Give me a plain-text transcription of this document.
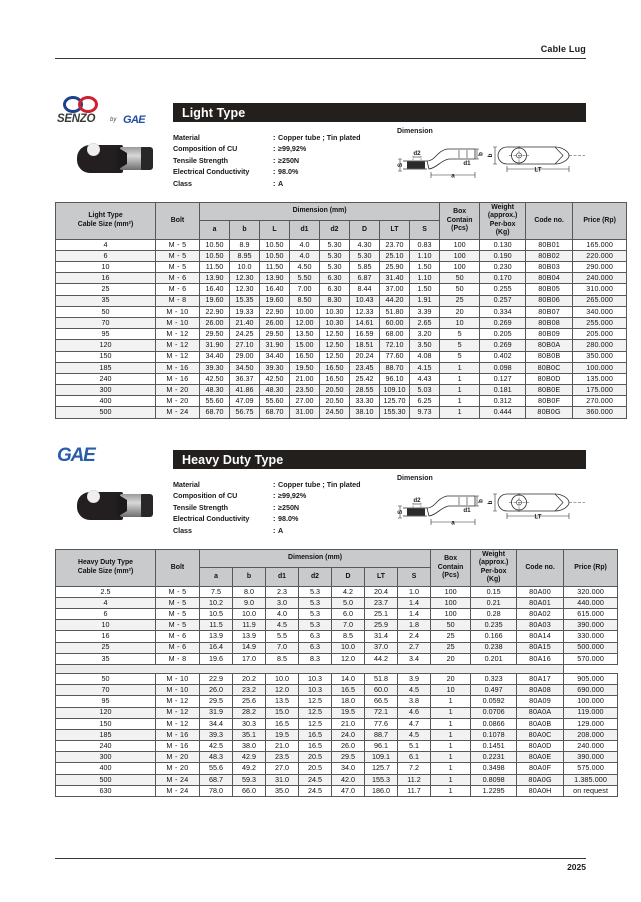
Cable Lug
SENZO by GAE
Light Type
Material	: Copper tube ; Tin plated
Composition of CU	: ≥99,92%
Tensile Strength	: ≥250N
Electrical Conductivity	: 98.0%
Class	: A
Dimension
d2
d1
a
LT
S
b
b
Light Type
Cable Size (mm²)
	Bolt	Dimension (mm)	Box
Contain
(Pcs)

Weight
(approx.)
Per-box
(Kg)
	Code no.	Price (Rp)
		a	b	L	d1	d2	D	LT	S				
4	M - 5	10.50	8.9	10.50	4.0	5.30	4.30	23.70	0.83	100	0.130	80B01	165.000
6	M - 5	10.50	8.95	10.50	4.0	5.30	5.30	25.10	1.10	100	0.190	80B02	220.000
10	M - 5	11.50	10.0	11.50	4.50	5.30	5.85	25.90	1.50	100	0.230	80B03	290.000
16	M - 6	13.90	12.30	13.90	5.50	6.30	6.87	31.40	1.10	50	0.170	80B04	240.000
25	M - 6	16.40	12.30	16.40	7.00	6.30	8.44	37.00	1.50	50	0.255	80B05	310.000
35	M - 8	19.60	15.35	19.60	8.50	8.30	10.43	44.20	1.91	25	0.257	80B06	265.000
50	M - 10	22.90	19.33	22.90	10.00	10.30	12.33	51.80	3.39	20	0.334	80B07	340.000
70	M - 10	26.00	21.40	26.00	12.00	10.30	14.61	60.00	2.65	10	0.269	80B08	255.000
95	M - 12	29.50	24.25	29.50	13.50	12.50	16.59	68.00	3.20	5	0.205	80B09	205.000
120	M - 12	31.90	27.10	31.90	15.00	12.50	18.51	72.10	3.50	5	0.269	80B0A	280.000
150	M - 12	34.40	29.00	34.40	16.50	12.50	20.24	77.60	4.08	5	0.402	80B0B	350.000
185	M - 16	39.30	34.50	39.30	19.50	16.50	23.45	88.70	4.15	1	0.098	80B0C	100.000
240	M - 16	42.50	36.37	42.50	21.00	16.50	25.42	96.10	4.43	1	0.127	80B0D	135.000
300	M - 20	48.30	41.86	48.30	23.50	20.50	28.55	109.10	5.03	1	0.181	80B0E	175.000
400	M - 20	55.60	47.09	55.60	27.00	20.50	33.30	125.70	6.25	1	0.312	80B0F	270.000
500	M - 24	68.70	56.75	68.70	31.00	24.50	38.10	155.30	9.73	1	0.444	80B0G	360.000
GAE	Heavy Duty Type
Material	: Copper tube ; Tin plated
Composition of CU	: ≥99,92%
Tensile Strength	: ≥250N
Electrical Conductivity	: 98.0%
Class	: A
Dimension
d2
d1
a
LT
S
b
b
Heavy Duty Type
Cable Size (mm²)
	Bolt	Dimension (mm)	Box
Contain
(Pcs)

Weight
(approx.)
Per-box
(Kg)
	Code no.	Price (Rp)
		a	b	d1	d2	D	LT	S				
2.5	M - 5	7.5	8.0	2.3	5.3	4.2	20.4	1.0	100	0.15	80A00	320.000
4	M - 5	10.2	9.0	3.0	5.3	5.0	23.7	1.4	100	0.21	80A01	440.000
6	M - 5	10.5	10.0	4.0	5.3	6.0	25.1	1.4	100	0.28	80A02	615.000
10	M - 5	11.5	11.9	4.5	5.3	7.0	25.9	1.8	50	0.235	80A03	390.000
16	M - 6	13.9	13.9	5.5	6.3	8.5	31.4	2.4	25	0.166	80A14	330.000
25	M - 6	16.4	14.9	7.0	6.3	10.0	37.0	2.7	25	0.238	80A15	500.000
35	M - 8	19.6	17.0	8.5	8.3	12.0	44.2	3.4	20	0.201	80A16	570.000

50	M - 10	22.9	20.2	10.0	10.3	14.0	51.8	3.9	20	0.323	80A17	905.000
70	M - 10	26.0	23.2	12.0	10.3	16.5	60.0	4.5	10	0.497	80A08	690.000
95	M - 12	29.5	25.6	13.5	12.5	18.0	66.5	3.8	1	0.0592	80A09	100.000
120	M - 12	31.9	28.2	15.0	12.5	19.5	72.1	4.6	1	0.0706	80A0A	119.000
150	M - 12	34.4	30.3	16.5	12.5	21.0	77.6	4.7	1	0.0866	80A0B	129.000
185	M - 16	39.3	35.1	19.5	16.5	24.0	88.7	4.5	1	0.1078	80A0C	208.000
240	M - 16	42.5	38.0	21.0	16.5	26.0	96.1	5.1	1	0.1451	80A0D	240.000
300	M - 20	48.3	42.9	23.5	20.5	29.5	109.1	6.1	1	0.2231	80A0E	390.000
400	M - 20	55.6	49.2	27.0	20.5	34.0	125.7	7.2	1	0.3498	80A0F	575.000
500	M - 24	68.7	59.3	31.0	24.5	42.0	155.3	11.2	1	0.8098	80A0G	1.385.000
630	M - 24	78.0	66.0	35.0	24.5	47.0	186.0	11.7	1	1.2295	80A0H	on request
2025
